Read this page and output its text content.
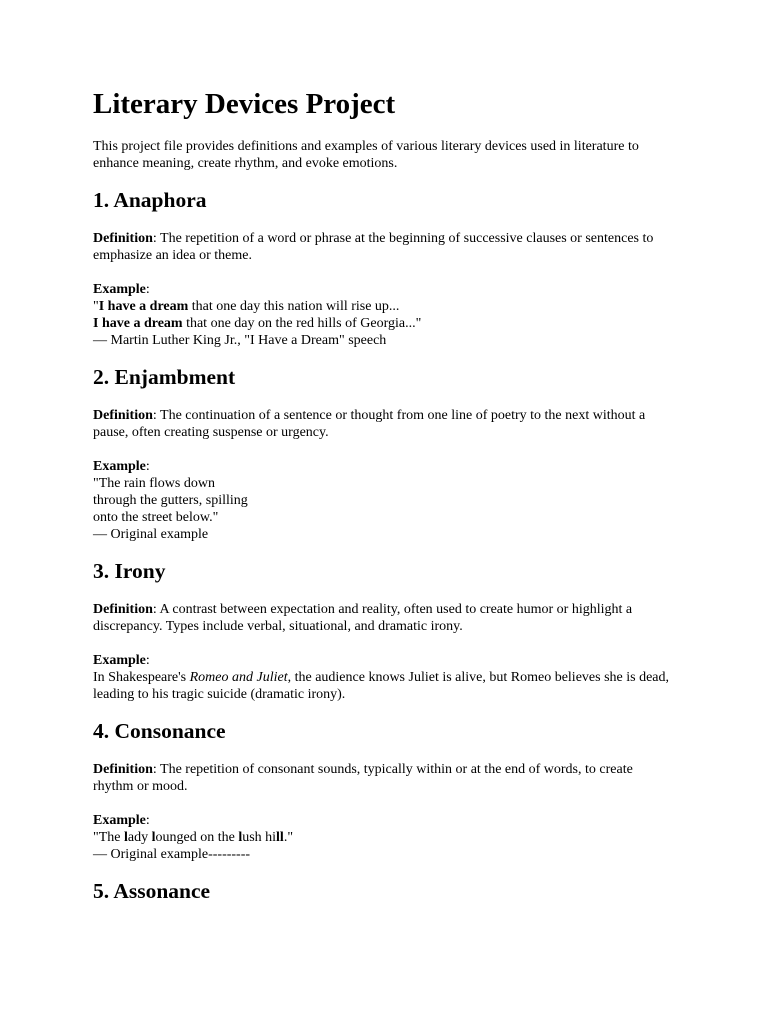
Literary Devices Project

This project file provides definitions and examples of various literary devices used in literature to enhance meaning, create rhythm, and evoke emotions.

1. Anaphora

Definition: The repetition of a word or phrase at the beginning of successive clauses or sentences to emphasize an idea or theme.

Example:
"I have a dream that one day this nation will rise up...
I have a dream that one day on the red hills of Georgia..."
— Martin Luther King Jr., "I Have a Dream" speech

2. Enjambment

Definition: The continuation of a sentence or thought from one line of poetry to the next without a pause, often creating suspense or urgency.

Example:
"The rain flows down
through the gutters, spilling
onto the street below."
— Original example

3. Irony

Definition: A contrast between expectation and reality, often used to create humor or highlight a discrepancy. Types include verbal, situational, and dramatic irony.

Example:
In Shakespeare's Romeo and Juliet, the audience knows Juliet is alive, but Romeo believes she is dead, leading to his tragic suicide (dramatic irony).

4. Consonance

Definition: The repetition of consonant sounds, typically within or at the end of words, to create rhythm or mood.

Example:
"The lady lounged on the lush hill."
— Original example---------

5. Assonance
